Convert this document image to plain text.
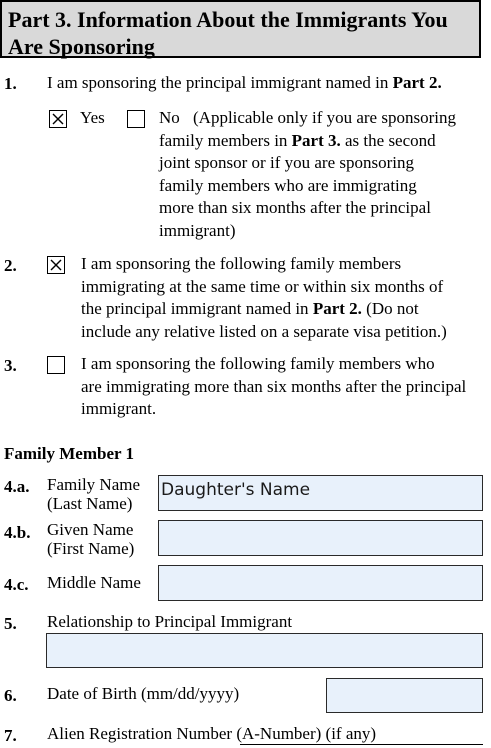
Part 3. Information About the Immigrants You
Are Sponsoring
1. I am sponsoring the principal immigrant named in Part 2.
Yes	No (Applicable only if you are sponsoring
family members in Part 3. as the second
joint sponsor or if you are sponsoring
family members who are immigrating
more than six months after the principal
immigrant)
2.	I am sponsoring the following family members
immigrating at the same time or within six months of
the principal immigrant named in Part 2. (Do not
include any relative listed on a separate visa petition.)
3.	I am sponsoring the following family members who
are immigrating more than six months after the principal
immigrant.
Family Member 1
4.a. Family Name
(Last Name)
Daughter's Name
4.b. Given Name
(First Name)
4.c. Middle Name
5. Relationship to Principal Immigrant
6. Date of Birth (mm/dd/yyyy)
7. Alien Registration Number (A-Number) (if any)
